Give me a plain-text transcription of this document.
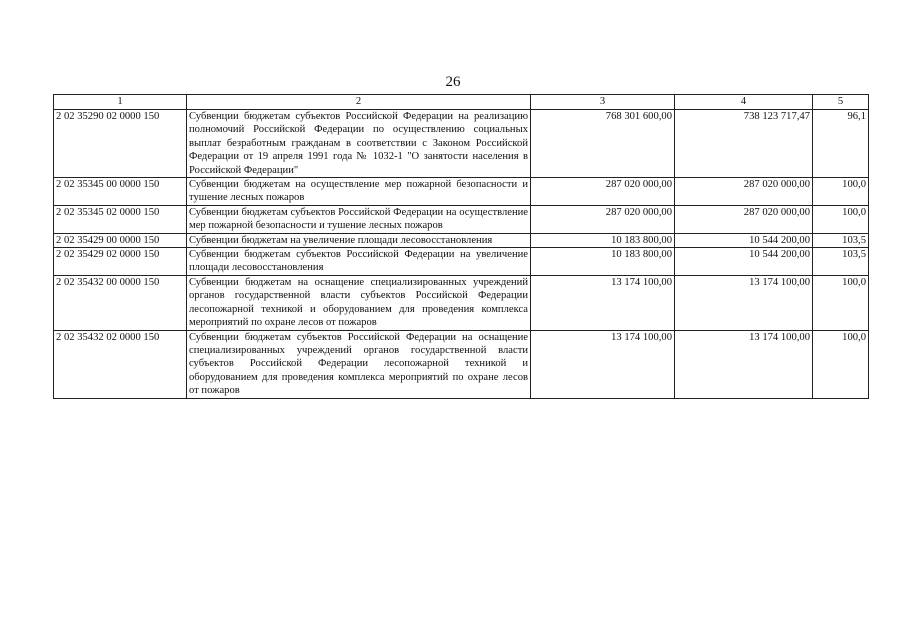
26
1	2	3	4	5
2 02 35290 02 0000 150	Субвенции бюджетам субъектов Российской Федерации на реализацию полномочий Российской Федерации по осуществлению социальных выплат безработным гражданам в соответствии с Законом Российской Федерации от 19 апреля 1991 года № 1032-1 "О занятости населения в Российской Федерации"	768 301 600,00	738 123 717,47	96,1
2 02 35345 00 0000 150	Субвенции бюджетам на осуществление мер пожарной безопасности и тушение лесных пожаров	287 020 000,00	287 020 000,00	100,0
2 02 35345 02 0000 150	Субвенции бюджетам субъектов Российской Федерации на осуществление мер пожарной безопасности и тушение лесных пожаров	287 020 000,00	287 020 000,00	100,0
2 02 35429 00 0000 150	Субвенции бюджетам на увеличение площади лесовосстановления	10 183 800,00	10 544 200,00	103,5
2 02 35429 02 0000 150	Субвенции бюджетам субъектов Российской Федерации на увеличение площади лесовосстановления	10 183 800,00	10 544 200,00	103,5
2 02 35432 00 0000 150	Субвенции бюджетам на оснащение специализированных учреждений органов государственной власти субъектов Российской Федерации лесопожарной техникой и оборудованием для проведения комплекса мероприятий по охране лесов от пожаров	13 174 100,00	13 174 100,00	100,0
2 02 35432 02 0000 150	Субвенции бюджетам субъектов Российской Федерации на оснащение специализированных учреждений органов государственной власти субъектов Российской Федерации лесопожарной техникой и оборудованием для проведения комплекса мероприятий по охране лесов от пожаров	13 174 100,00	13 174 100,00	100,0
